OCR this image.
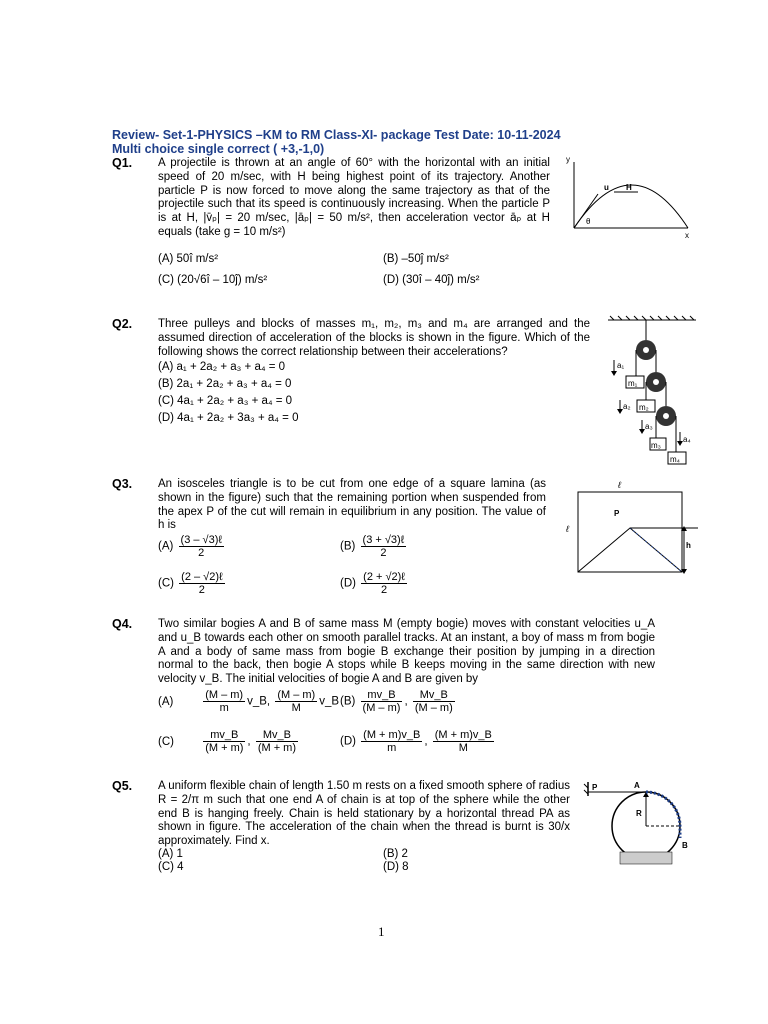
Review- Set-1-PHYSICS –KM to RM Class-XI- package Test Date: 10-11-2024
Multi choice single correct ( +3,-1,0)
Q1. A projectile is thrown at an angle of 60° with the horizontal with an initial speed of 20 m/sec, with H being highest point of its trajectory. Another particle P is now forced to move along the same trajectory as that of the projectile such that its speed is continuously increasing. When the particle P is at H, |v̄ₚ| = 20 m/sec, |āₚ| = 50 m/s², then acceleration vector āₚ at H equals (take g = 10 m/s²)
(A) 50î m/s²	(B) –50ĵ m/s²
(C) (20√6î – 10ĵ) m/s²	(D) (30î – 40ĵ) m/s²
y
x
u H
θ
Q2. Three pulleys and blocks of masses m₁, m₂, m₃ and m₄ are arranged and the assumed direction of acceleration of the blocks is shown in the figure. Which of the following shows the correct relationship between their accelerations?
(A) a₁ + 2a₂ + a₃ + a₄ = 0
(B) 2a₁ + 2a₂ + a₃ + a₄ = 0
(C) 4a₁ + 2a₂ + a₃ + a₄ = 0
(D) 4a₁ + 2a₂ + 3a₃ + a₄ = 0
m₁
m₂
m₃
m₄
a₁
a₂
a₃
a₄
Q3. An isosceles triangle is to be cut from one edge of a square lamina (as shown in the figure) such that the remaining portion when suspended from the apex P of the cut will remain in equilibrium in any position. The value of h is
$(A) \frac{\text{(3 – √3)ℓ}}{2}$	$(B) \frac{\text{(3 + √3)ℓ}}{2}$
$(C) \frac{\text{(2 – √2)ℓ}}{2}$	$(D) \frac{\text{(2 + √2)ℓ}}{2}$
ℓ
ℓ
P
h
Q4. Two similar bogies A and B of same mass M (empty bogie) moves with constant velocities u_A and u_B towards each other on smooth parallel tracks. At an instant, a boy of mass m from bogie A and a body of same mass from bogie B exchange their position by jumping in a direction normal to the back, then bogie A stops while B keeps moving in the same direction with new velocity v_B. The initial velocities of bogie A and B are given by
(A)	$\frac{(M - m)}{m}$ v_B, $\frac{(M - m)}{M}$ v_B $(B) \frac{mv\_B}{(M - m)}$ , $\frac{Mv\_B}{(M - m)}$
(C)	$\frac{mv\_B}{(M + m)}$ , $\frac{Mv\_B}{(M + m)}$	$(D) \frac{(M + m)v\_B}{m}$ , $\frac{(M + m)v\_B}{M}$
Q5. A uniform flexible chain of length 1.50 m rests on a fixed smooth sphere of radius R = 2/π m such that one end A of chain is at top of the sphere while the other end B is hanging freely. Chain is held stationary by a horizontal thread PA as shown in figure. The acceleration of the chain when the thread is burnt is 30/x approximately. Find x.
(A) 1	(B) 2
(C) 4	(D) 8
P	A
R
B
1
